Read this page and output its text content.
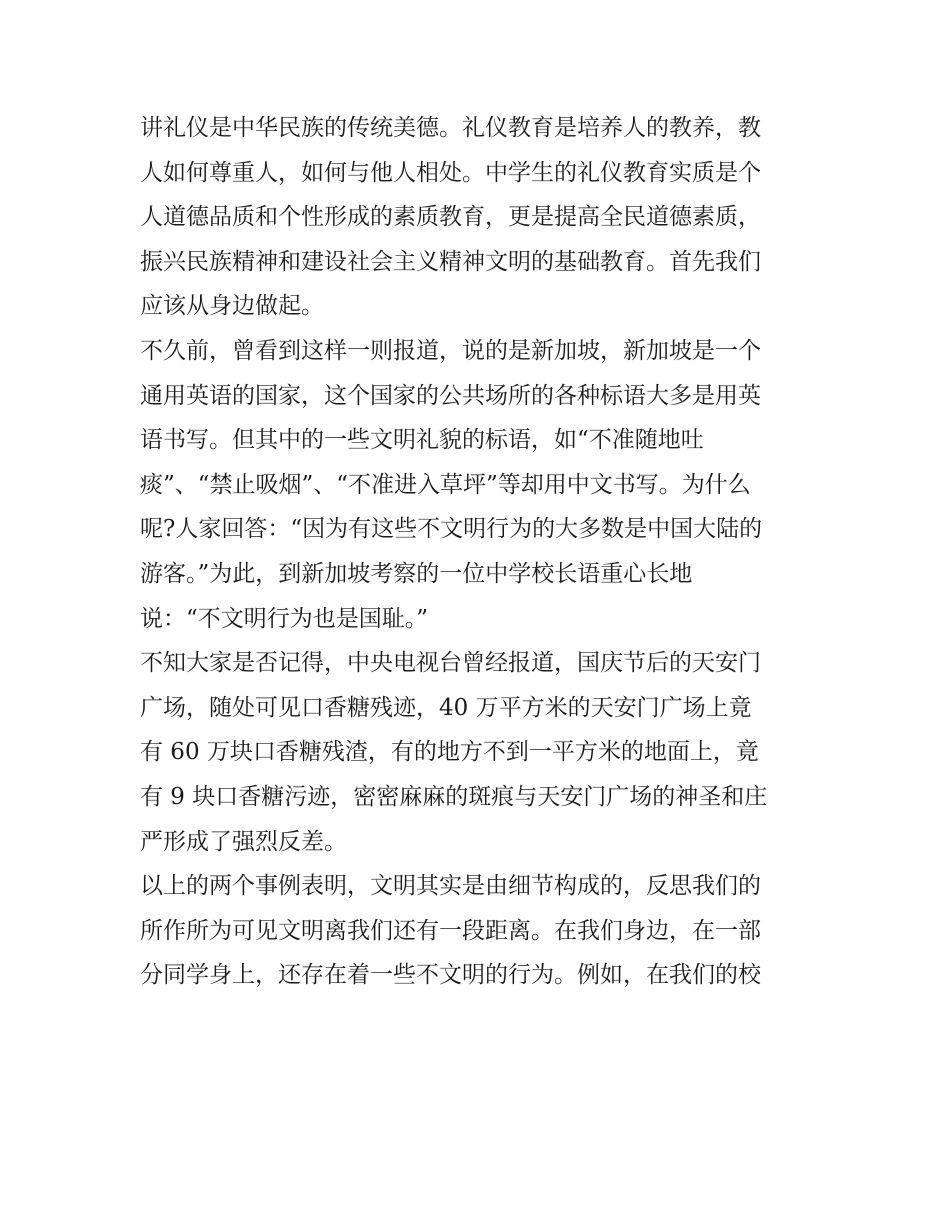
讲礼仪是中华民族的传统美德。礼仪教育是培养人的教养，教
人如何尊重人，如何与他人相处。中学生的礼仪教育实质是个
人道德品质和个性形成的素质教育，更是提高全民道德素质，
振兴民族精神和建设社会主义精神文明的基础教育。首先我们
应该从身边做起。
不久前，曾看到这样一则报道，说的是新加坡，新加坡是一个
通用英语的国家，这个国家的公共场所的各种标语大多是用英
语书写。但其中的一些文明礼貌的标语，如“不准随地吐
痰”、“禁止吸烟”、“不准进入草坪”等却用中文书写。为什么
呢?人家回答：“因为有这些不文明行为的大多数是中国大陆的
游客。”为此，到新加坡考察的一位中学校长语重心长地
说：“不文明行为也是国耻。”
不知大家是否记得，中央电视台曾经报道，国庆节后的天安门
广场，随处可见口香糖残迹，40 万平方米的天安门广场上竟
有 60 万块口香糖残渣，有的地方不到一平方米的地面上，竟
有 9 块口香糖污迹，密密麻麻的斑痕与天安门广场的神圣和庄
严形成了强烈反差。
以上的两个事例表明，文明其实是由细节构成的，反思我们的
所作所为可见文明离我们还有一段距离。在我们身边，在一部
分同学身上，还存在着一些不文明的行为。例如，在我们的校
